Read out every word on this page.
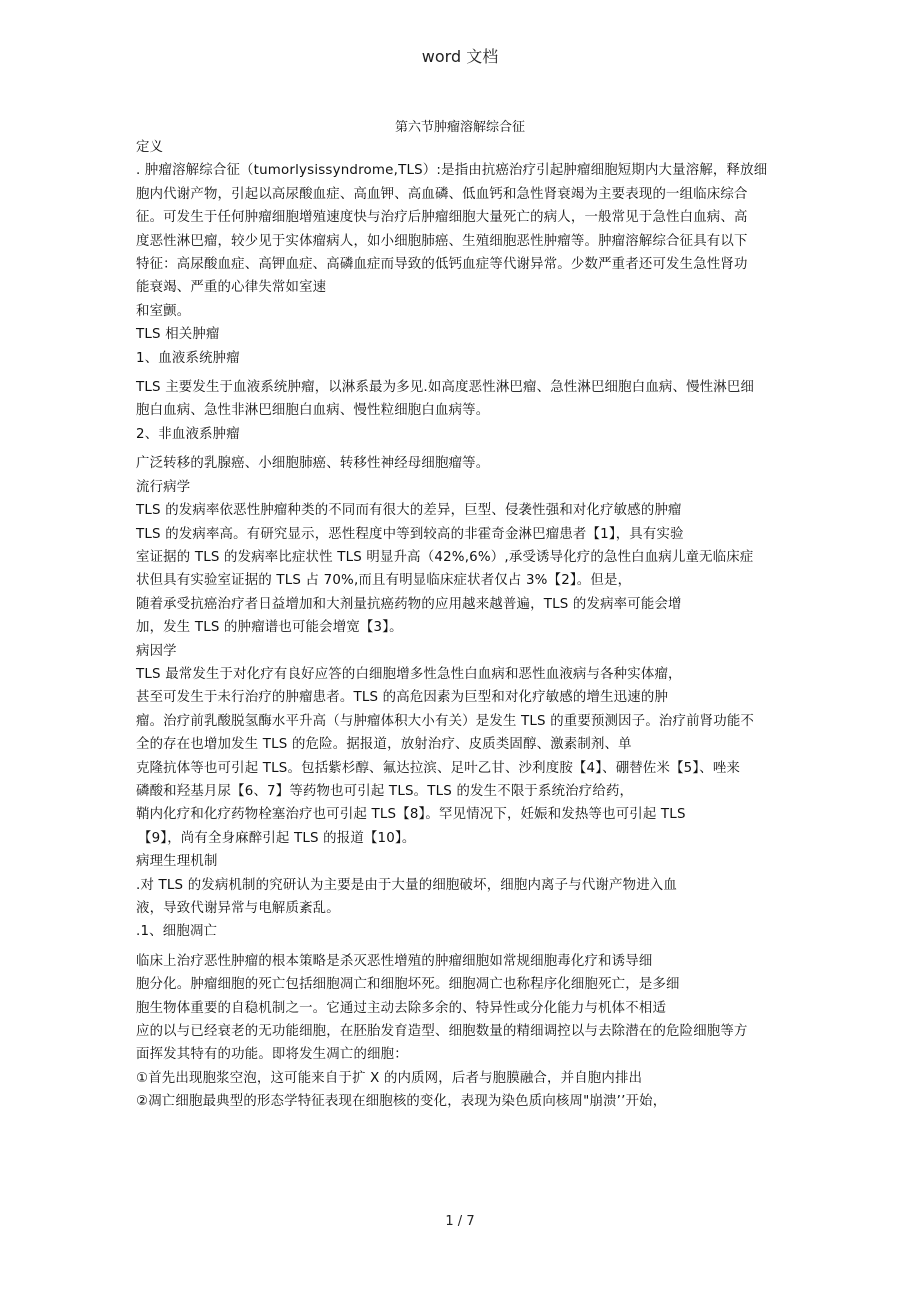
word 文档
第六节肿瘤溶解综合征

定义

. 肿瘤溶解综合征（tumorlysissyndrome,TLS）:是指由抗癌治疗引起肿瘤细胞短期内大量溶解，释放细

胞内代谢产物，引起以高尿酸血症、高血钾、高血磷、低血钙和急性肾衰竭为主要表现的一组临床综合

征。可发生于任何肿瘤细胞增殖速度快与治疗后肿瘤细胞大量死亡的病人，一般常见于急性白血病、高

度恶性淋巴瘤，较少见于实体瘤病人，如小细胞肺癌、生殖细胞恶性肿瘤等。肿瘤溶解综合征具有以下

特征：高尿酸血症、高钾血症、高磷血症而导致的低钙血症等代谢异常。少数严重者还可发生急性肾功

能衰竭、严重的心律失常如室速

和室颤。

TLS 相关肿瘤

1、血液系统肿瘤

TLS 主要发生于血液系统肿瘤，以淋系最为多见.如高度恶性淋巴瘤、急性淋巴细胞白血病、慢性淋巴细

胞白血病、急性非淋巴细胞白血病、慢性粒细胞白血病等。

2、非血液系肿瘤

广泛转移的乳腺癌、小细胞肺癌、转移性神经母细胞瘤等。

流行病学

TLS 的发病率依恶性肿瘤种类的不同而有很大的差异，巨型、侵袭性强和对化疗敏感的肿瘤

TLS 的发病率高。有研究显示，恶性程度中等到较高的非霍奇金淋巴瘤患者【1】，具有实验

室证据的 TLS 的发病率比症状性 TLS 明显升高（42%,6%）,承受诱导化疗的急性白血病儿童无临床症

状但具有实验室证据的 TLS 占 70%,而且有明显临床症状者仅占 3%【2】。但是，

随着承受抗癌治疗者日益增加和大剂量抗癌药物的应用越来越普遍，TLS 的发病率可能会增

加，发生 TLS 的肿瘤谱也可能会增宽【3】。

病因学

TLS 最常发生于对化疗有良好应答的白细胞增多性急性白血病和恶性血液病与各种实体瘤，

甚至可发生于未行治疗的肿瘤患者。TLS 的高危因素为巨型和对化疗敏感的增生迅速的肿

瘤。治疗前乳酸脱氢酶水平升高（与肿瘤体积大小有关）是发生 TLS 的重要预测因子。治疗前肾功能不

全的存在也增加发生 TLS 的危险。据报道，放射治疗、皮质类固醇、激素制剂、单

克隆抗体等也可引起 TLS。包括紫杉醇、氟达拉滨、足叶乙甘、沙利度胺【4】、硼替佐米【5】、唑来

磷酸和羟基月尿【6、7】等药物也可引起 TLS。TLS 的发生不限于系统治疗给药，

鞘内化疗和化疗药物栓塞治疗也可引起 TLS【8】。罕见情况下，妊娠和发热等也可引起 TLS

【9】，尚有全身麻醉引起 TLS 的报道【10】。

病理生理机制

.对 TLS 的发病机制的究研认为主要是由于大量的细胞破坏，细胞内离子与代谢产物进入血

液，导致代谢异常与电解质紊乱。

.1、细胞凋亡

临床上治疗恶性肿瘤的根本策略是杀灭恶性增殖的肿瘤细胞如常规细胞毒化疗和诱导细

胞分化。肿瘤细胞的死亡包括细胞凋亡和细胞坏死。细胞凋亡也称程序化细胞死亡，是多细

胞生物体重要的自稳机制之一。它通过主动去除多余的、特异性或分化能力与机体不相适

应的以与已经衰老的无功能细胞，在胚胎发育造型、细胞数量的精细调控以与去除潜在的危险细胞等方

面挥发其特有的功能。即将发生凋亡的细胞：

①首先出现胞浆空泡，这可能来自于扩 X 的内质网，后者与胞膜融合，并自胞内排出

②凋亡细胞最典型的形态学特征表现在细胞核的变化，表现为染色质向核周"崩溃’’开始，

1 / 7
